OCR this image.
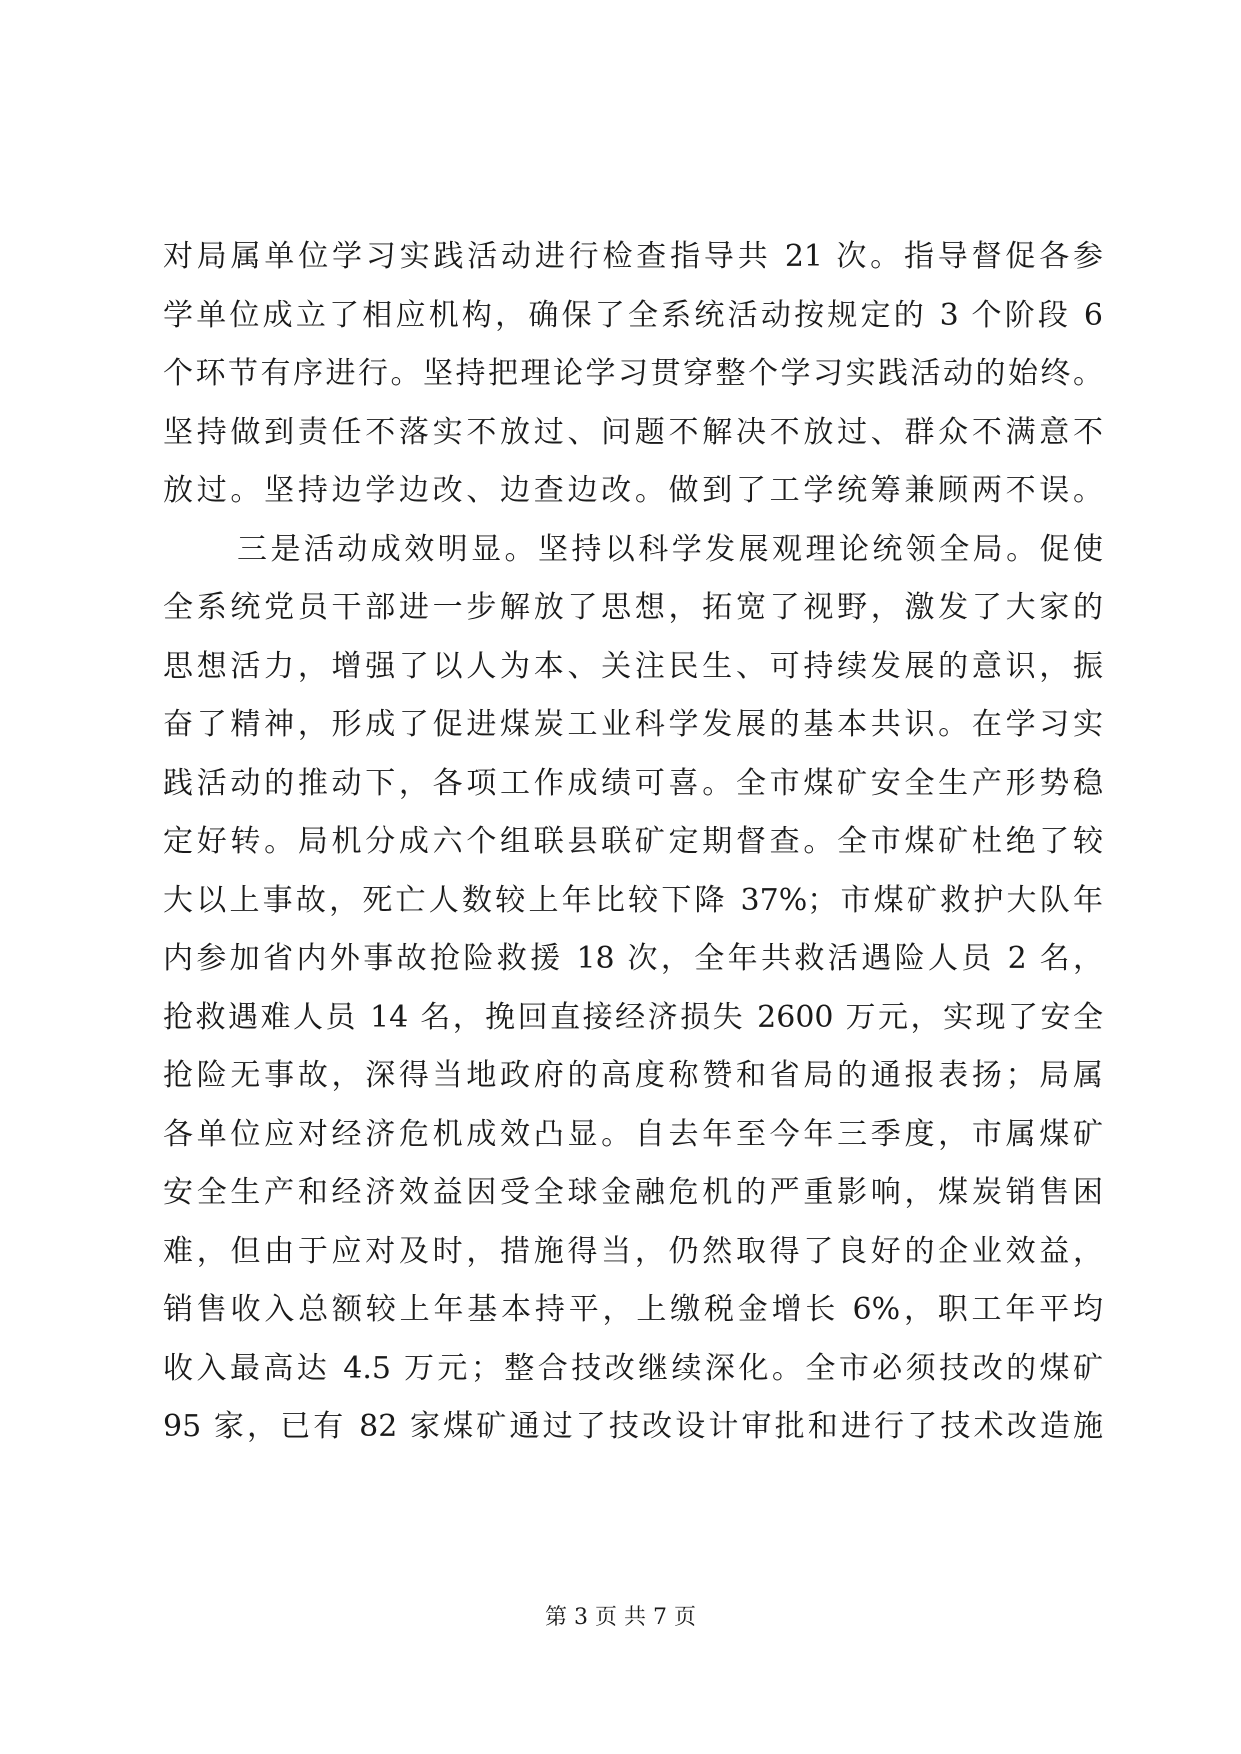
对局属单位学习实践活动进行检查指导共 21 次。指导督促各参
学单位成立了相应机构，确保了全系统活动按规定的 3 个阶段 6
个环节有序进行。坚持把理论学习贯穿整个学习实践活动的始终。
坚持做到责任不落实不放过、问题不解决不放过、群众不满意不
放过。坚持边学边改、边查边改。做到了工学统筹兼顾两不误。
三是活动成效明显。坚持以科学发展观理论统领全局。促使
全系统党员干部进一步解放了思想，拓宽了视野，激发了大家的
思想活力，增强了以人为本、关注民生、可持续发展的意识，振
奋了精神，形成了促进煤炭工业科学发展的基本共识。在学习实
践活动的推动下，各项工作成绩可喜。全市煤矿安全生产形势稳
定好转。局机分成六个组联县联矿定期督查。全市煤矿杜绝了较
大以上事故，死亡人数较上年比较下降 37%；市煤矿救护大队年
内参加省内外事故抢险救援 18 次，全年共救活遇险人员 2 名，
抢救遇难人员 14 名，挽回直接经济损失 2600 万元，实现了安全
抢险无事故，深得当地政府的高度称赞和省局的通报表扬；局属
各单位应对经济危机成效凸显。自去年至今年三季度，市属煤矿
安全生产和经济效益因受全球金融危机的严重影响，煤炭销售困
难，但由于应对及时，措施得当，仍然取得了良好的企业效益，
销售收入总额较上年基本持平，上缴税金增长 6%，职工年平均
收入最高达 4.5 万元；整合技改继续深化。全市必须技改的煤矿
95 家，已有 82 家煤矿通过了技改设计审批和进行了技术改造施
第 3 页 共 7 页
